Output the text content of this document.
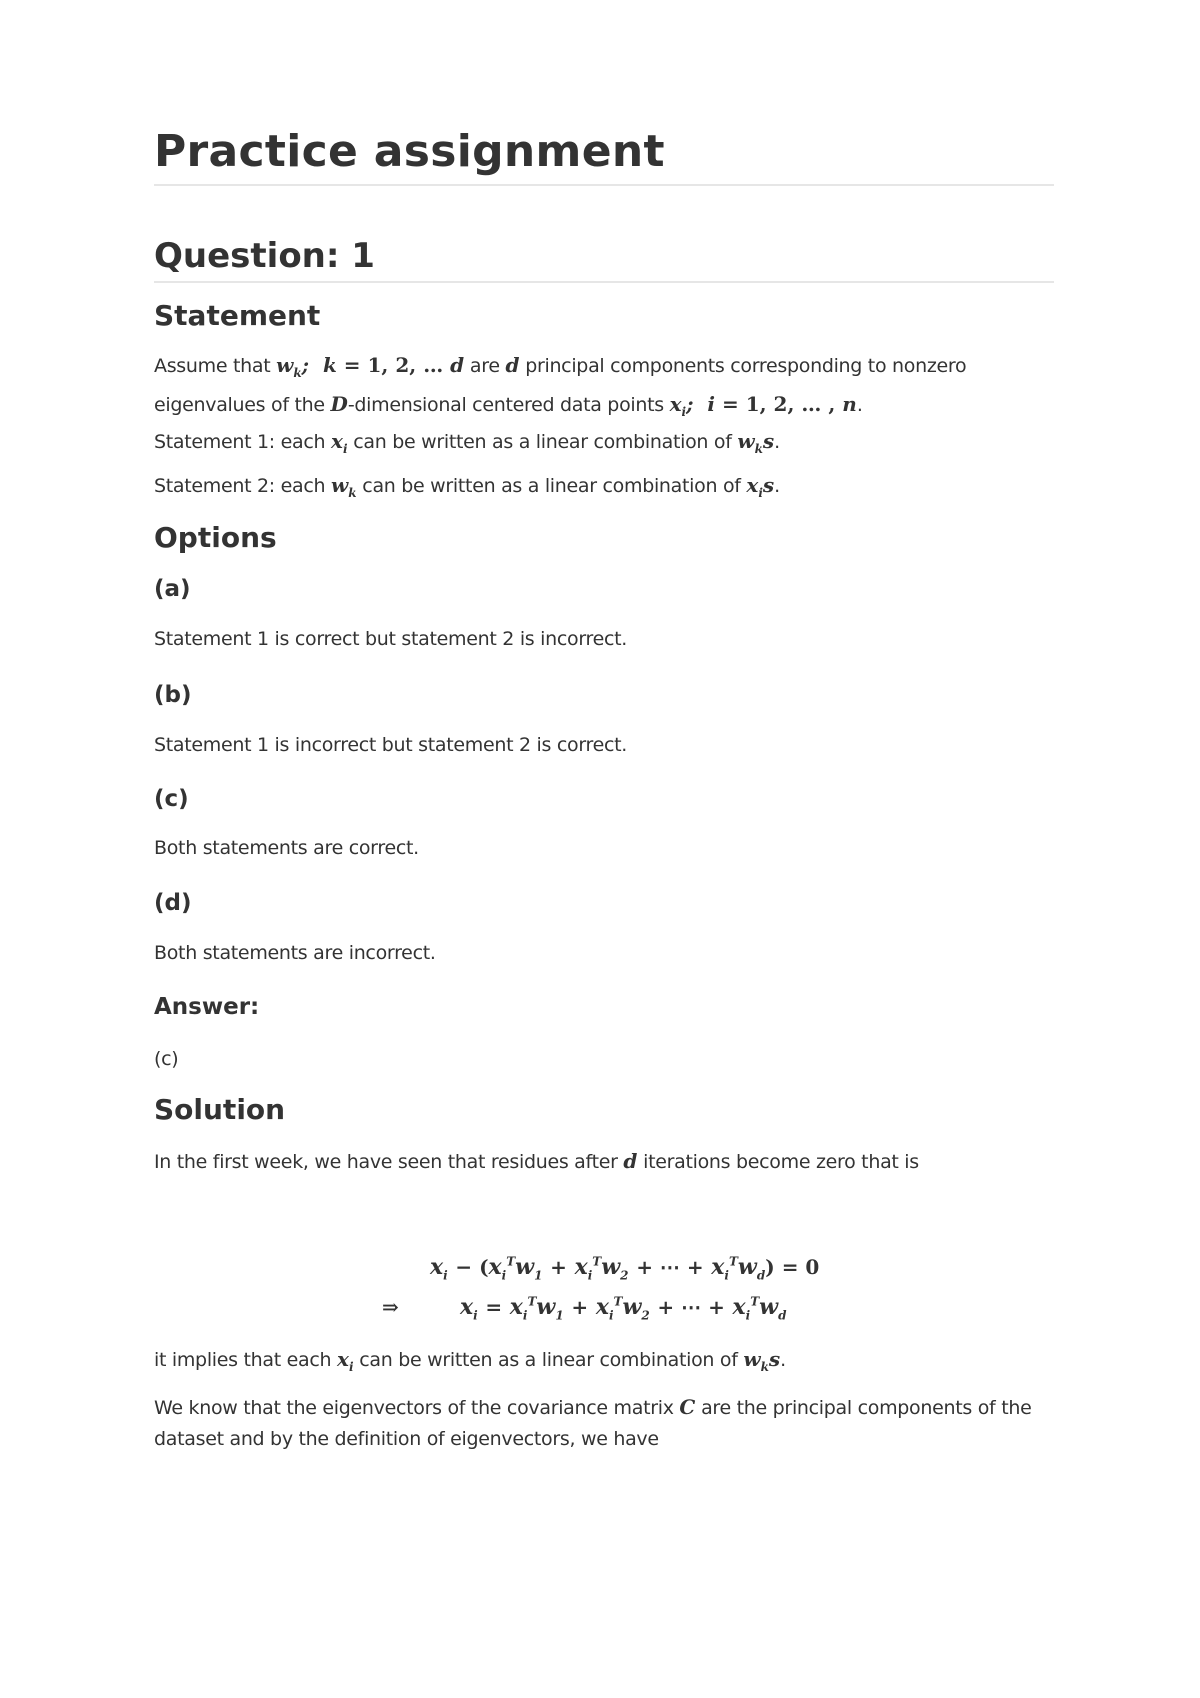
Practice assignment
Question: 1
Statement

Assume that $w_k$;  k = 1, 2, … d are d principal components corresponding to nonzero
eigenvalues of the D-dimensional centered data points $x_i$;  i = 1, 2, … , n.

Statement 1: each $x_i$ can be written as a linear combination of $w_ks$.

Statement 2: each $w_k$ can be written as a linear combination of $x_is$.

Options
(a)

Statement 1 is correct but statement 2 is incorrect.

(b)

Statement 1 is incorrect but statement 2 is correct.

(c)

Both statements are correct.

(d)

Both statements are incorrect.

Answer:

(c)

Solution

In the first week, we have seen that residues after d iterations become zero that is

$x_i - (x_i^Tw_1 + x_i^Tw_2$ + ⋯ + $x_i^Tw_d) = 0$
⇒	$x_i = x_i^Tw_1 + x_i^Tw_2$ + ⋯ + $x_i^Tw_d$

it implies that each $x_i$ can be written as a linear combination of $w_ks$.

We know that the eigenvectors of the covariance matrix C are the principal components of the
dataset and by the definition of eigenvectors, we have
